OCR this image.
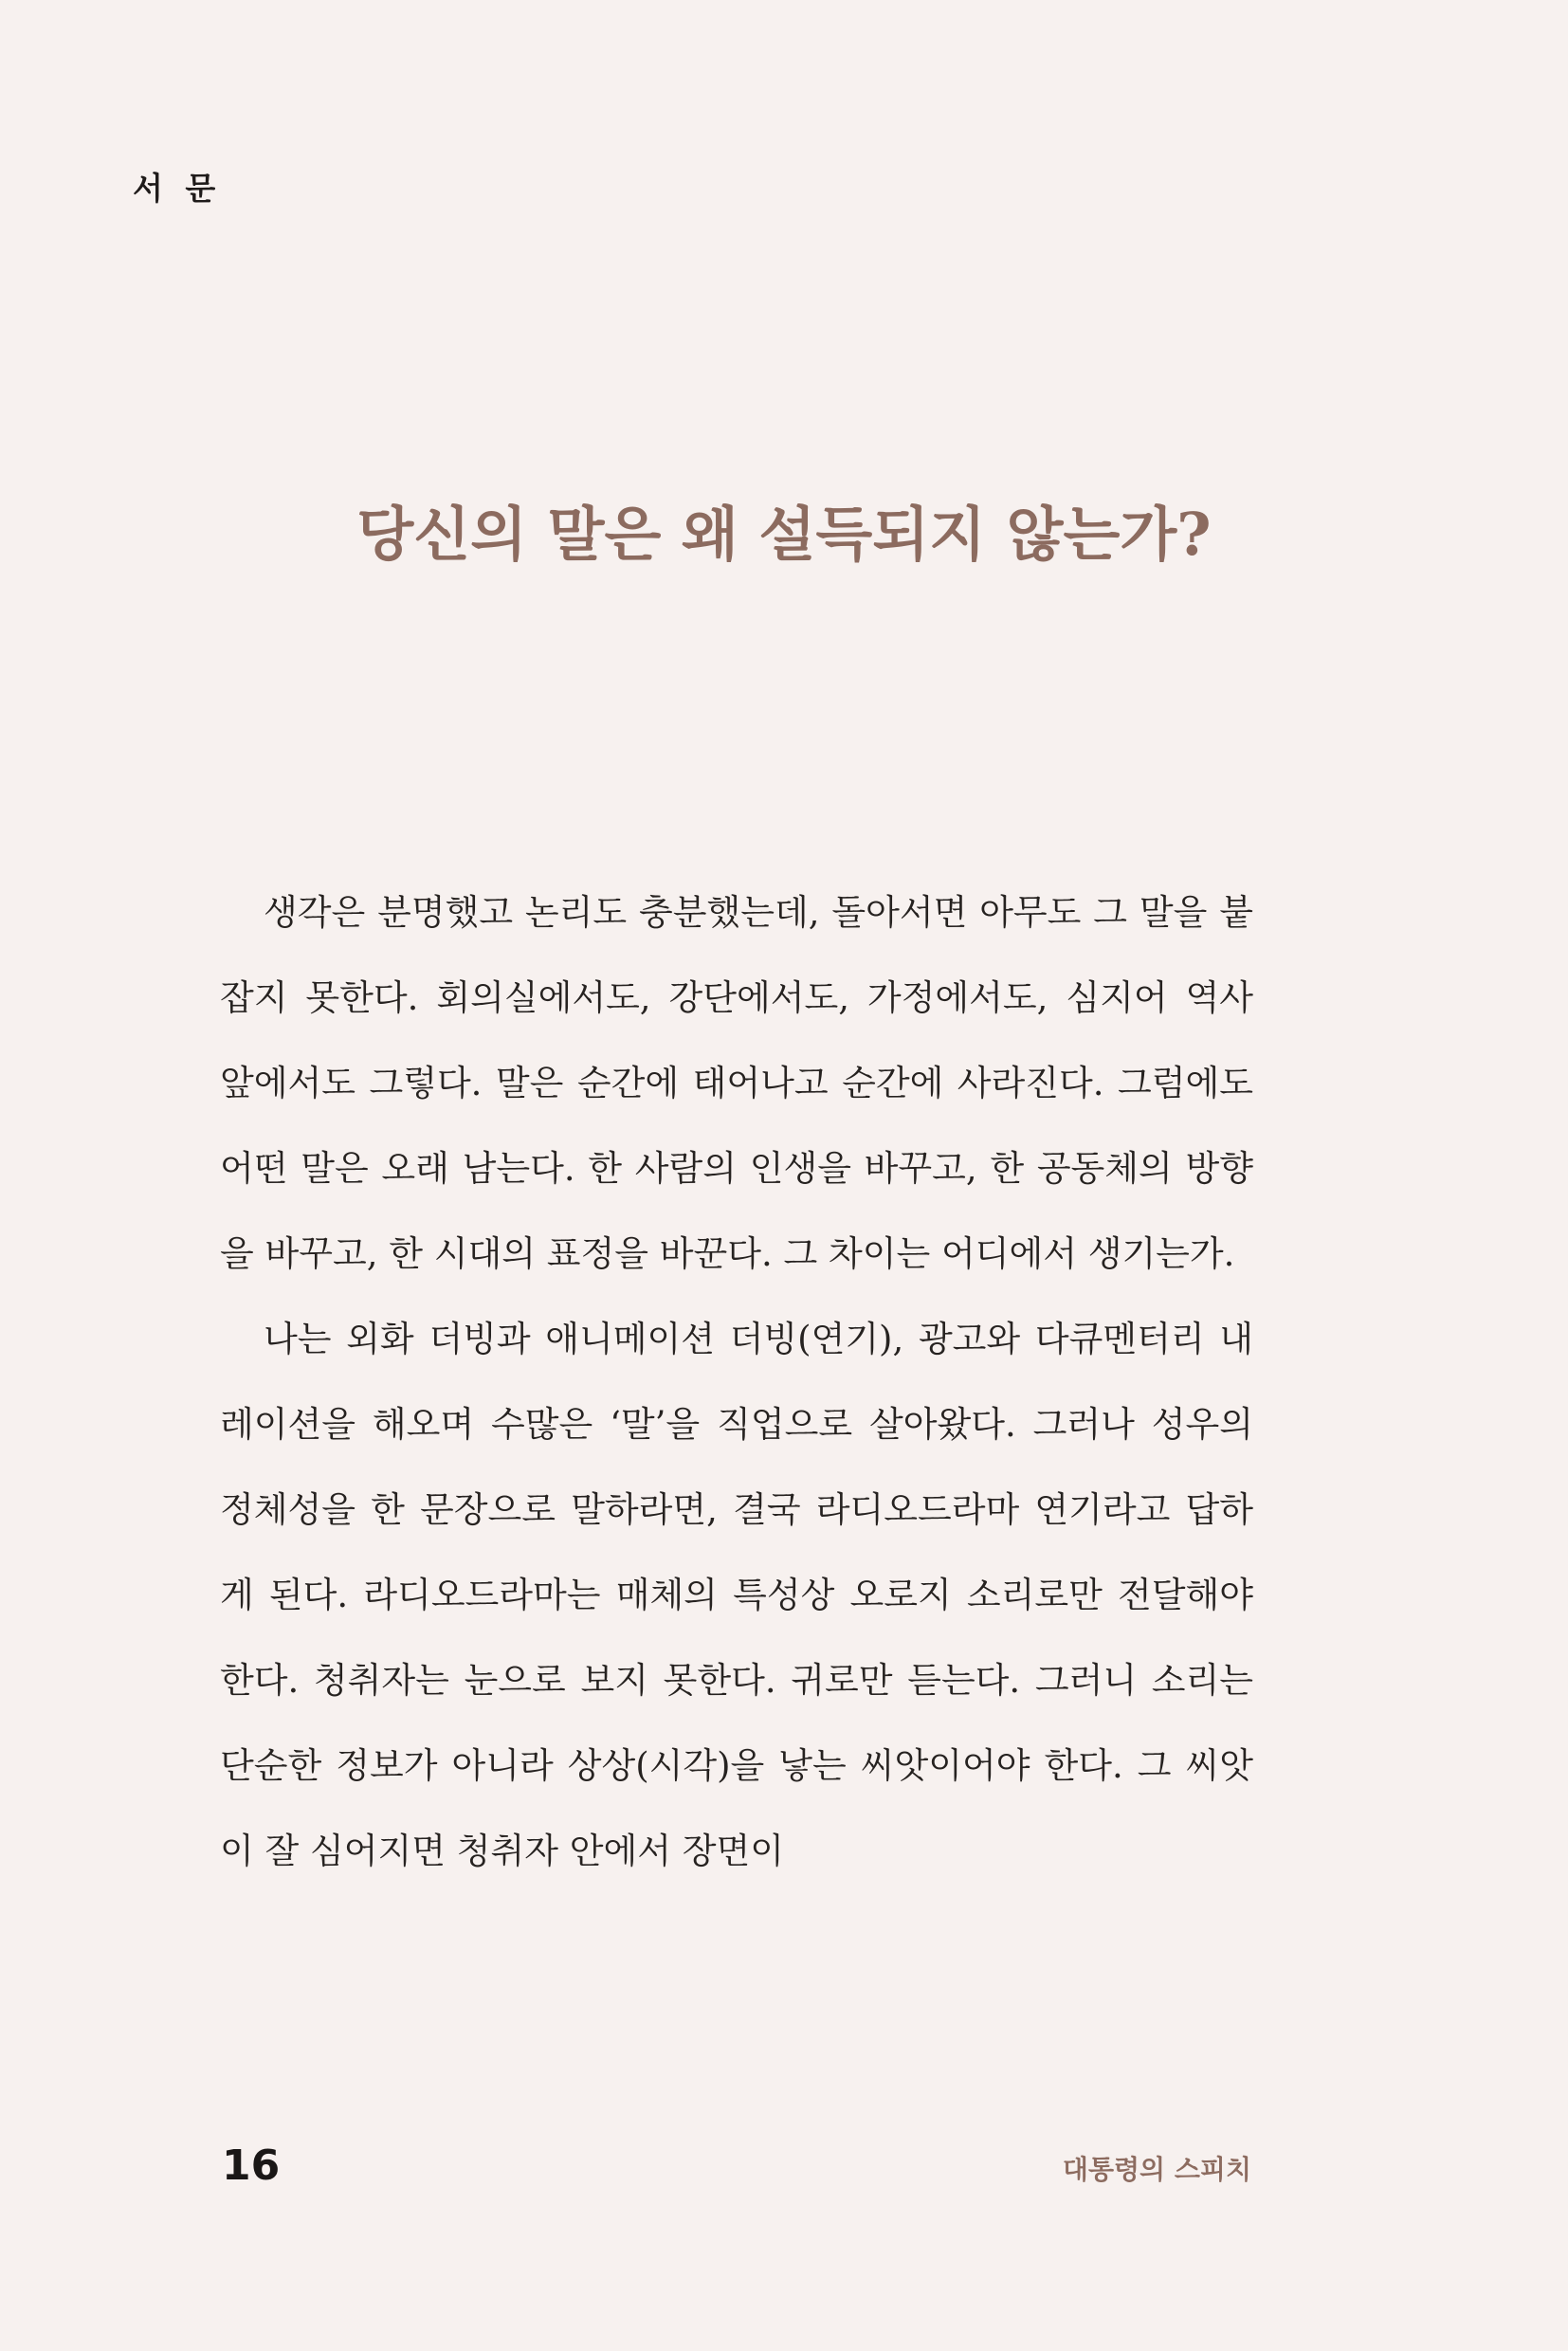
서 문
당신의 말은 왜 설득되지 않는가?

생각은 분명했고 논리도 충분했는데, 돌아서면 아무도 그 말을 붙잡지 못한다. 회의실에서도, 강단에서도, 가정에서도, 심지어 역사 앞에서도 그렇다. 말은 순간에 태어나고 순간에 사라진다. 그럼에도 어떤 말은 오래 남는다. 한 사람의 인생을 바꾸고, 한 공동체의 방향을 바꾸고, 한 시대의 표정을 바꾼다. 그 차이는 어디에서 생기는가.

나는 외화 더빙과 애니메이션 더빙(연기), 광고와 다큐멘터리 내레이션을 해오며 수많은 ‘말’을 직업으로 살아왔다. 그러나 성우의 정체성을 한 문장으로 말하라면, 결국 라디오드라마 연기라고 답하게 된다. 라디오드라마는 매체의 특성상 오로지 소리로만 전달해야 한다. 청취자는 눈으로 보지 못한다. 귀로만 듣는다. 그러니 소리는 단순한 정보가 아니라 상상(시각)을 낳는 씨앗이어야 한다. 그 씨앗이 잘 심어지면 청취자 안에서 장면이

16	대통령의 스피치
